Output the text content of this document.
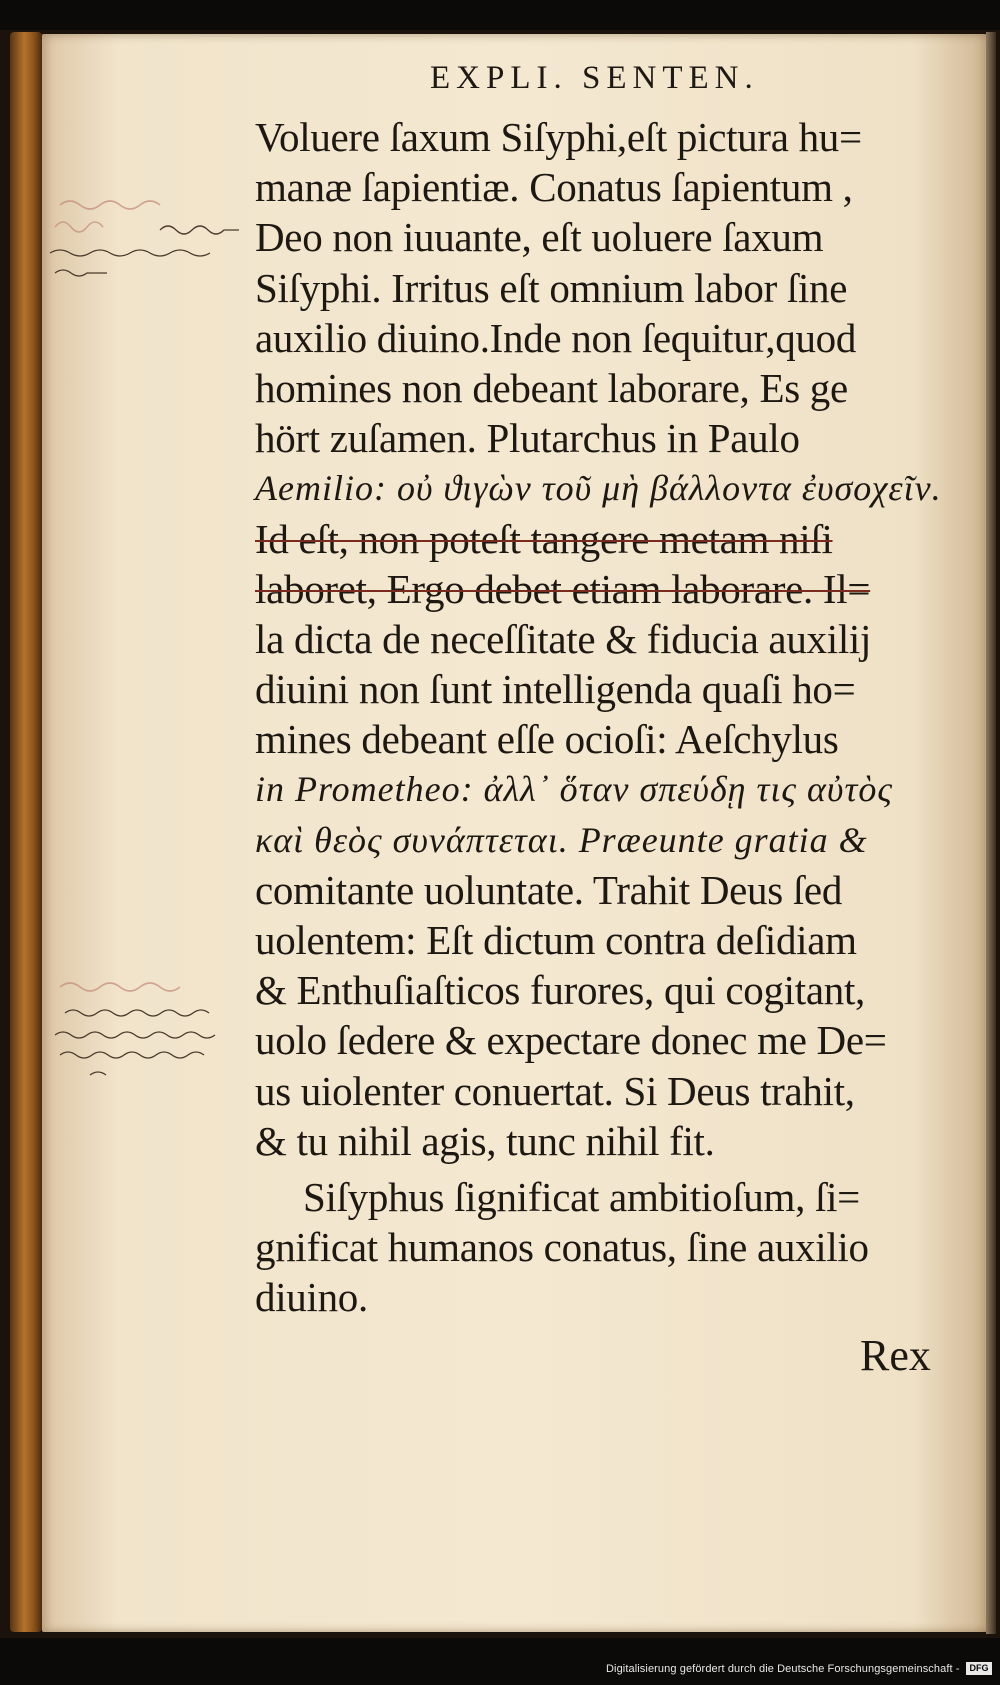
EXPLI. SENTEN.
Voluere ſaxum Siſyphi,eſt pictura hu=
manæ ſapientiæ. Conatus ſapientum ,
Deo non iuuante, eſt uoluere ſaxum
Siſyphi. Irritus eſt omnium labor ſine
auxilio diuino.Inde non ſequitur,quod
homines non debeant laborare, Es ge
hört zuſamen. Plutarchus in Paulo
Aemilio: οὐ ϑιγὼν τοῦ μὴ βάλλοντα ἐυσοχεῖν.
Id eſt, non poteſt tangere metam niſi
laboret, Ergo debet etiam laborare. Il=
la dicta de neceſſitate & fiducia auxilij
diuini non ſunt intelligenda quaſi ho=
mines debeant eſſe ocioſi: Aeſchylus
in Prometheo: ἀλλ᾽ ὅταν σπεύδῃ τις αὐτὸς
καὶ θεὸς συνάπτεται. Præeunte gratia &
comitante uoluntate. Trahit Deus ſed
uolentem: Eſt dictum contra deſidiam
& Enthuſiaſticos furores, qui cogitant,
uolo ſedere & expectare donec me De=
us uiolenter conuertat. Si Deus trahit,
& tu nihil agis, tunc nihil fit.
Siſyphus ſignificat ambitioſum, ſi=
gnificat humanos conatus, ſine auxilio
diuino.
Rex
Digitalisierung gefördert durch die Deutsche Forschungsgemeinschaft -	DFG
